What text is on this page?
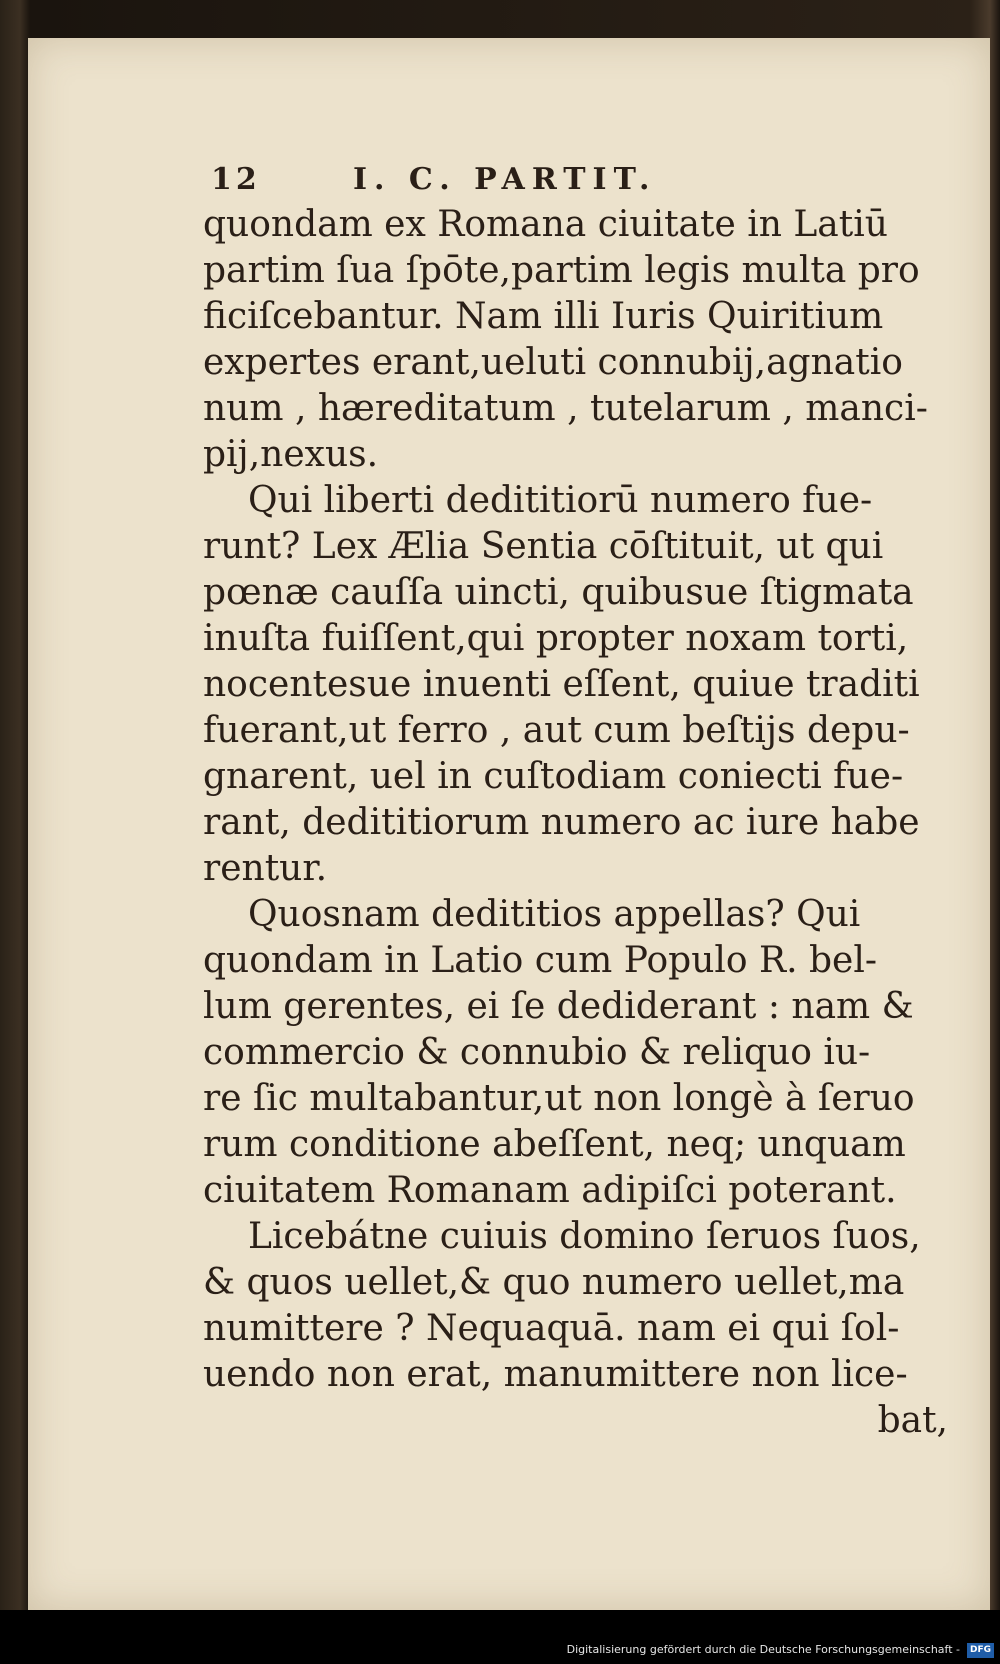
12	I. C. PARTIT.
quondam ex Romana ciuitate in Latiū
partim ſua ſpōte,partim legis multa pro
ficiſcebantur. Nam illi Iuris Quiritium
expertes erant,ueluti connubij,agnatio
num , hæreditatum , tutelarum , manci-
pij,nexus.
Qui liberti dedititiorū numero fue-
runt? Lex Ælia Sentia cōſtituit, ut qui
pœnæ cauſſa uincti, quibusue ſtigmata
inuſta fuiſſent,qui propter noxam torti,
nocentesue inuenti eſſent, quiue traditi
fuerant,ut ferro , aut cum beſtijs depu-
gnarent, uel in cuſtodiam coniecti fue-
rant, dedititiorum numero ac iure habe
rentur.
Quosnam dedititios appellas? Qui
quondam in Latio cum Populo R. bel-
lum gerentes, ei ſe dediderant : nam &
commercio & connubio & reliquo iu-
re ſic multabantur,ut non longè à ſeruo
rum conditione abeſſent, neq; unquam
ciuitatem Romanam adipiſci poterant.
Licebátne cuiuis domino ſeruos ſuos,
& quos uellet,& quo numero uellet,ma
numittere ? Nequaquā. nam ei qui ſol-
uendo non erat, manumittere non lice-
bat,
Digitalisierung gefördert durch die Deutsche Forschungsgemeinschaft -	DFG
